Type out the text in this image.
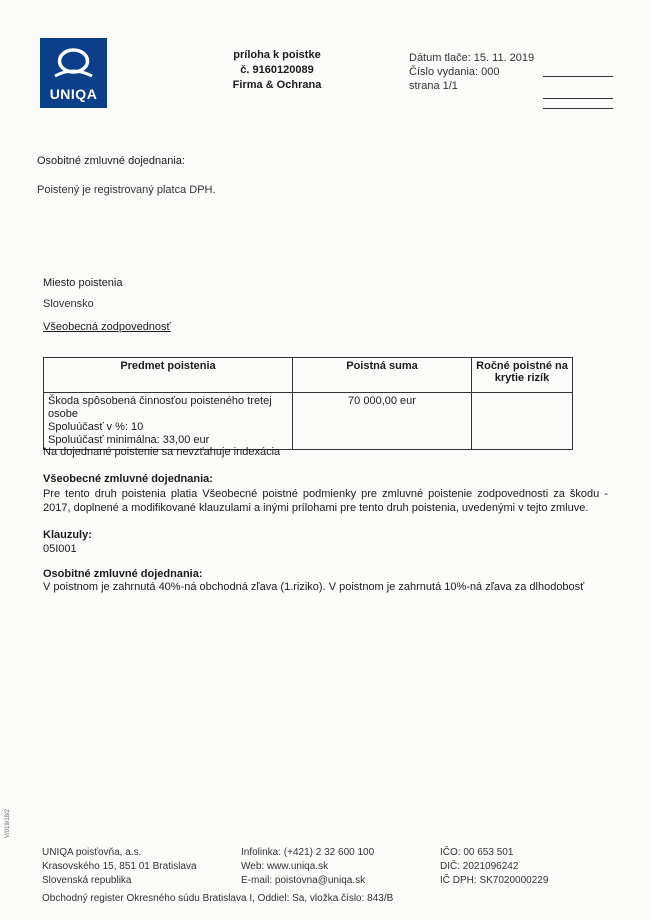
UNIQA
príloha k poistke
č. 9160120089
Firma & Ochrana
Dátum tlače: 15. 11. 2019
Číslo vydania: 000
strana 1/1
Osobitné zmluvné dojednania:
Poistený je registrovaný platca DPH.
Miesto poistenia
Slovensko
Všeobecná zodpovednosť
Predmet poistenia	Poistná suma	Ročné poistné na krytie rizík

Škoda spôsobená činnosťou poisteného tretej osobe
Spoluúčasť v %: 10
Spoluúčasť minimálna: 33,00 eur	70 000,00 eur	
Na dojednané poistenie sa nevzťahuje indexácia
Všeobecné zmluvné dojednania:
Pre tento druh poistenia platia Všeobecné poistné podmienky pre zmluvné poistenie zodpovednosti za škodu - 2017, doplnené a modifikované klauzulami a inými prílohami pre tento druh poistenia, uvedenými v tejto zmluve.
Klauzuly:
05I001
Osobitné zmluvné dojednania:
V poistnom je zahrnutá 40%-ná obchodná zľava (1.riziko). V poistnom je zahrnutá 10%-ná zľava za dlhodobosť
V/019/18/2
UNIQA poisťovňa, a.s.
Krasovského 15, 851 01 Bratislava
Slovenská republika
Infolinka: (+421) 2 32 600 100
Web: www.uniqa.sk
E-mail: poistovna@uniqa.sk
IČO: 00 653 501
DIČ: 2021096242
IČ DPH: SK7020000229
Obchodný register Okresného súdu Bratislava I, Oddiel: Sa, vložka číslo: 843/B
